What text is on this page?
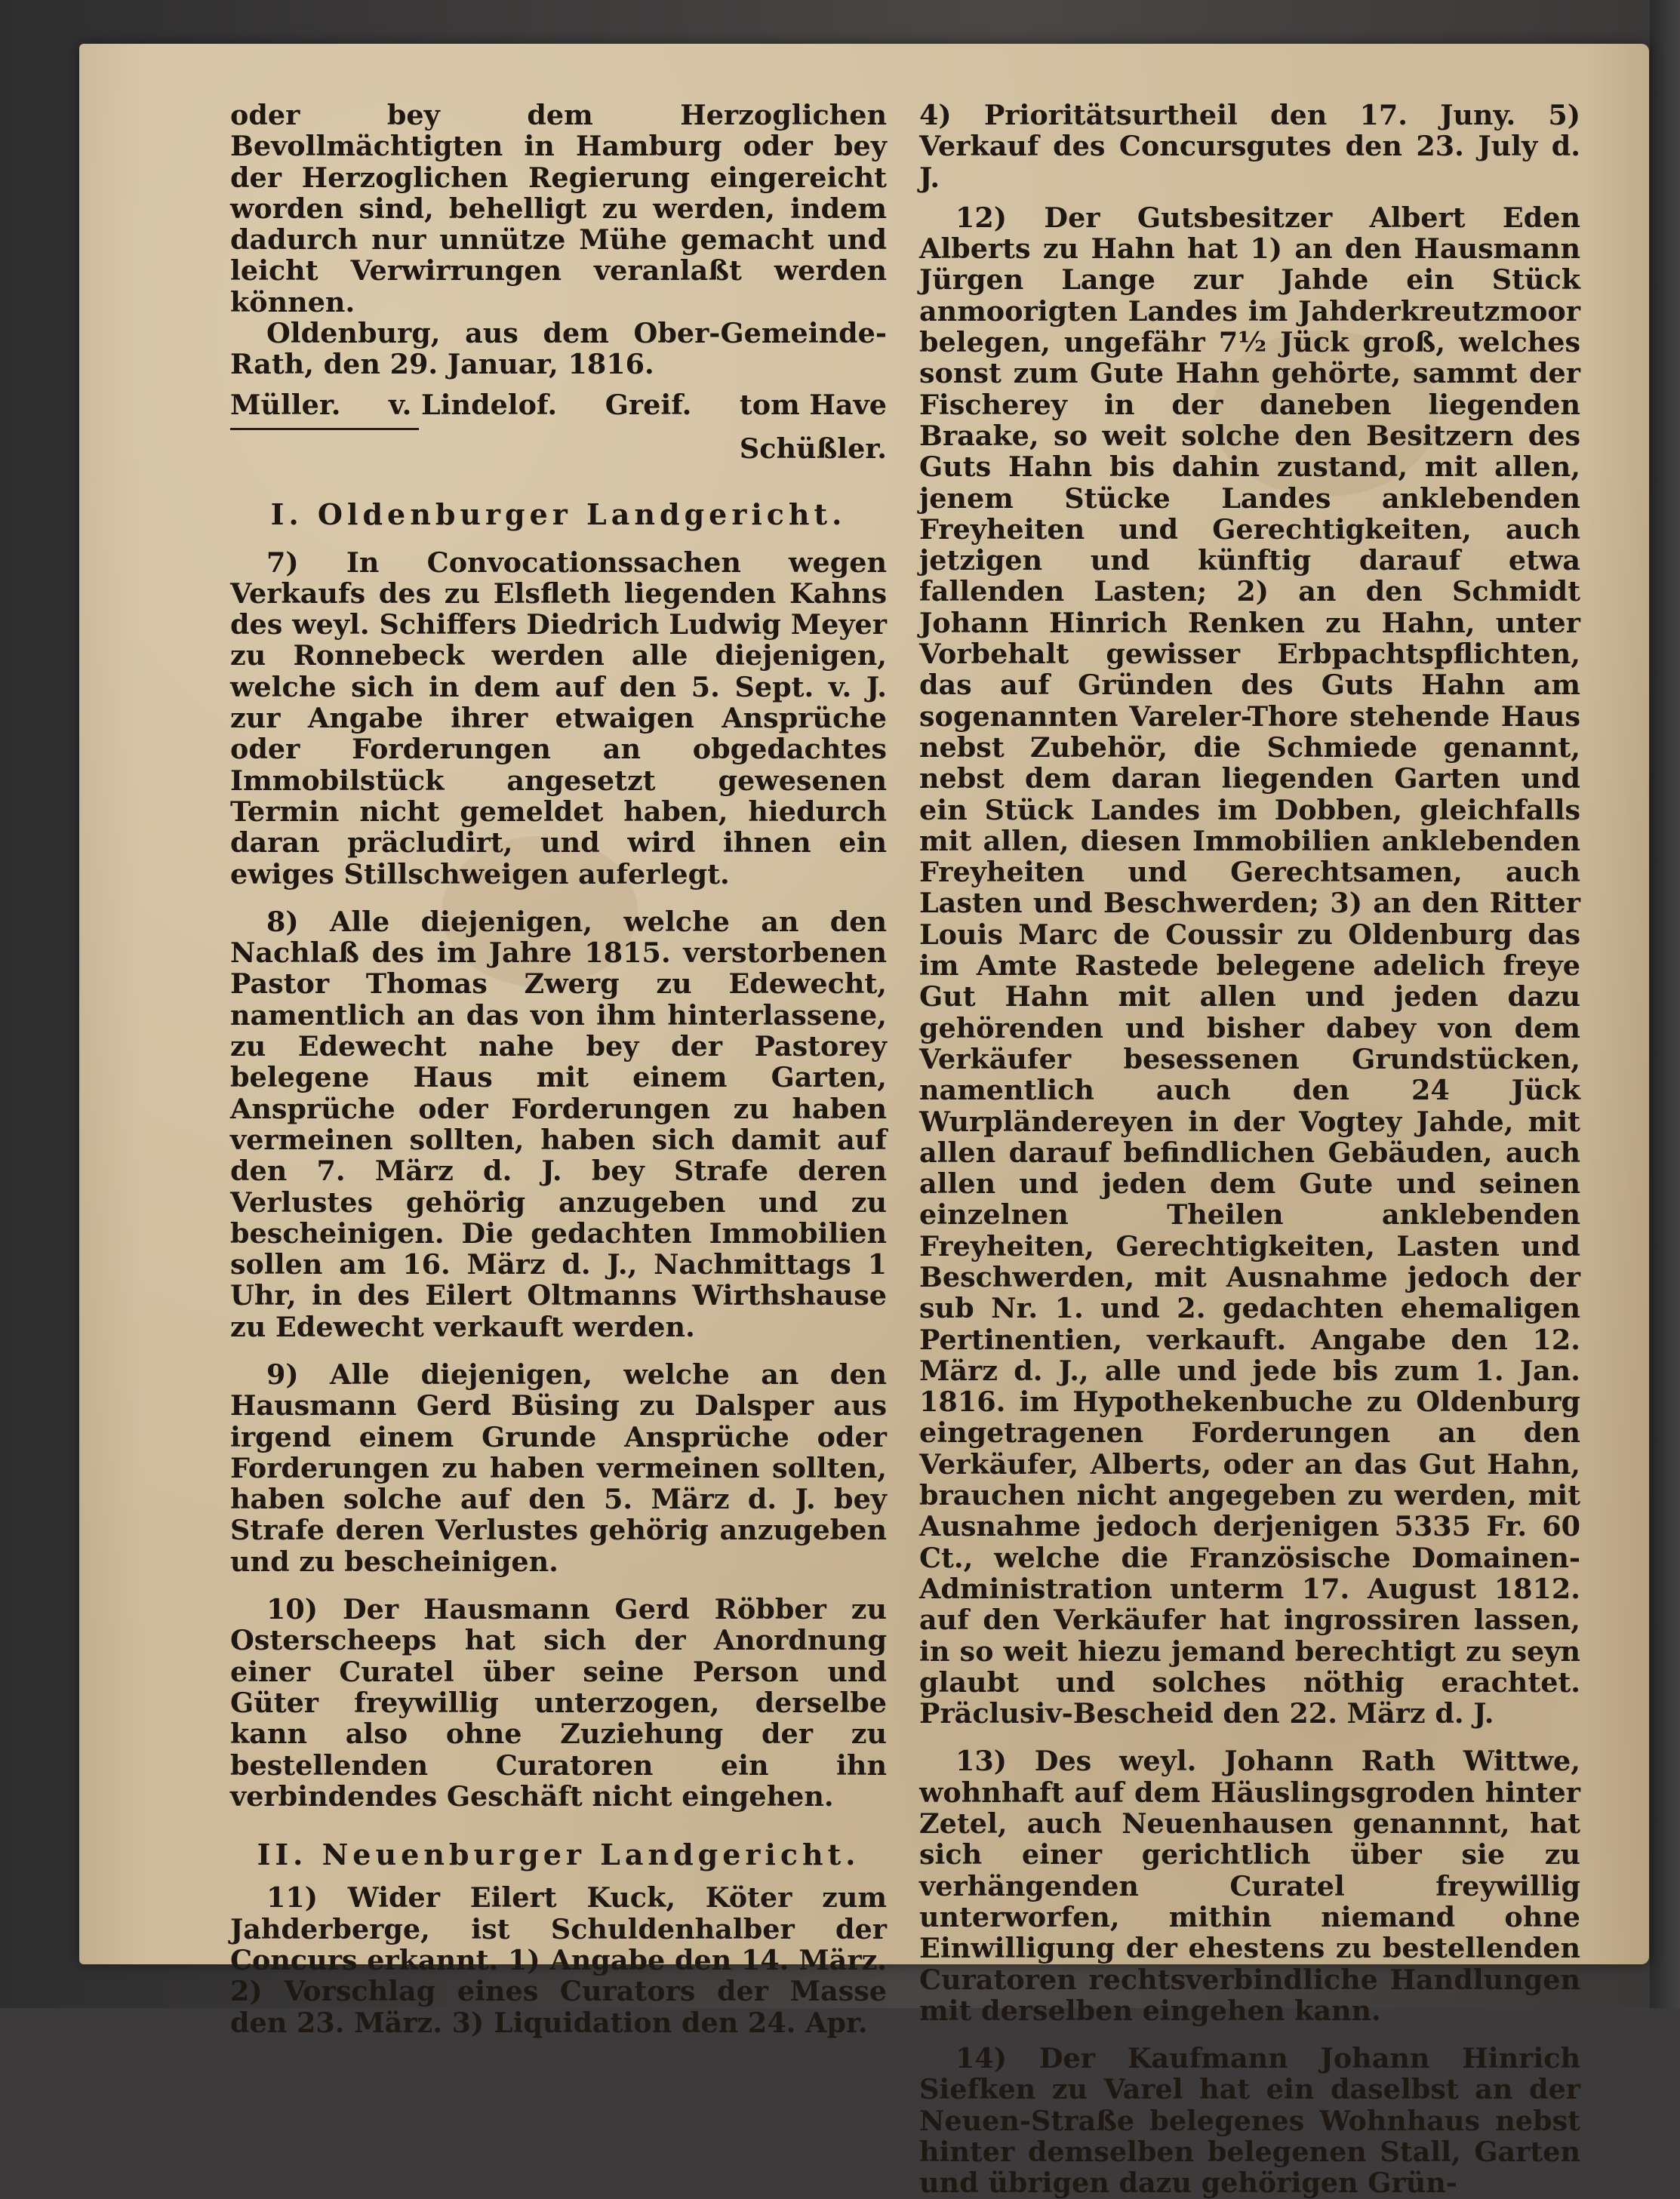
oder bey dem Herzoglichen Bevollmächtigten in Hamburg oder bey der Herzoglichen Regierung eingereicht worden sind, behelligt zu werden, indem dadurch nur unnütze Mühe gemacht und leicht Verwirrungen veranlaßt werden können.

Oldenburg, aus dem Ober-Gemeinde-Rath, den 29. Januar, 1816.

Müller. v. Lindelof. Greif. tom Have

Schüßler.

I. Oldenburger Landgericht.

7) In Convocationssachen wegen Verkaufs des zu Elsfleth liegenden Kahns des weyl. Schiffers Diedrich Ludwig Meyer zu Ronnebeck werden alle diejenigen, welche sich in dem auf den 5. Sept. v. J. zur Angabe ihrer etwaigen Ansprüche oder Forderungen an obgedachtes Immobilstück angesetzt gewesenen Termin nicht gemeldet haben, hiedurch daran präcludirt, und wird ihnen ein ewiges Stillschweigen auferlegt.

8) Alle diejenigen, welche an den Nachlaß des im Jahre 1815. verstorbenen Pastor Thomas Zwerg zu Edewecht, namentlich an das von ihm hinterlassene, zu Edewecht nahe bey der Pastorey belegene Haus mit einem Garten, Ansprüche oder Forderungen zu haben vermeinen sollten, haben sich damit auf den 7. März d. J. bey Strafe deren Verlustes gehörig anzugeben und zu bescheinigen. Die gedachten Immobilien sollen am 16. März d. J., Nachmittags 1 Uhr, in des Eilert Oltmanns Wirthshause zu Edewecht verkauft werden.

9) Alle diejenigen, welche an den Hausmann Gerd Büsing zu Dalsper aus irgend einem Grunde Ansprüche oder Forderungen zu haben vermeinen sollten, haben solche auf den 5. März d. J. bey Strafe deren Verlustes gehörig anzugeben und zu bescheinigen.

10) Der Hausmann Gerd Röbber zu Osterscheeps hat sich der Anordnung einer Curatel über seine Person und Güter freywillig unterzogen, derselbe kann also ohne Zuziehung der zu bestellenden Curatoren ein ihn verbindendes Geschäft nicht eingehen.

II. Neuenburger Landgericht.

11) Wider Eilert Kuck, Köter zum Jahderberge, ist Schuldenhalber der Concurs erkannt. 1) Angabe den 14. März. 2) Vorschlag eines Curators der Masse den 23. März. 3) Liquidation den 24. Apr.

4) Prioritätsurtheil den 17. Juny. 5) Verkauf des Concursgutes den 23. July d. J.

12) Der Gutsbesitzer Albert Eden Alberts zu Hahn hat 1) an den Hausmann Jürgen Lange zur Jahde ein Stück anmoorigten Landes im Jahderkreutzmoor belegen, ungefähr 7½ Jück groß, welches sonst zum Gute Hahn gehörte, sammt der Fischerey in der daneben liegenden Braake, so weit solche den Besitzern des Guts Hahn bis dahin zustand, mit allen, jenem Stücke Landes anklebenden Freyheiten und Gerechtigkeiten, auch jetzigen und künftig darauf etwa fallenden Lasten; 2) an den Schmidt Johann Hinrich Renken zu Hahn, unter Vorbehalt gewisser Erbpachtspflichten, das auf Gründen des Guts Hahn am sogenannten Vareler-Thore stehende Haus nebst Zubehör, die Schmiede genannt, nebst dem daran liegenden Garten und ein Stück Landes im Dobben, gleichfalls mit allen, diesen Immobilien anklebenden Freyheiten und Gerechtsamen, auch Lasten und Beschwerden; 3) an den Ritter Louis Marc de Coussir zu Oldenburg das im Amte Rastede belegene adelich freye Gut Hahn mit allen und jeden dazu gehörenden und bisher dabey von dem Verkäufer besessenen Grundstücken, namentlich auch den 24 Jück Wurpländereyen in der Vogtey Jahde, mit allen darauf befindlichen Gebäuden, auch allen und jeden dem Gute und seinen einzelnen Theilen anklebenden Freyheiten, Gerechtigkeiten, Lasten und Beschwerden, mit Ausnahme jedoch der sub Nr. 1. und 2. gedachten ehemaligen Pertinentien, verkauft. Angabe den 12. März d. J., alle und jede bis zum 1. Jan. 1816. im Hypothekenbuche zu Oldenburg eingetragenen Forderungen an den Verkäufer, Alberts, oder an das Gut Hahn, brauchen nicht angegeben zu werden, mit Ausnahme jedoch derjenigen 5335 Fr. 60 Ct., welche die Französische Domainen-Administration unterm 17. August 1812. auf den Verkäufer hat ingrossiren lassen, in so weit hiezu jemand berechtigt zu seyn glaubt und solches nöthig erachtet. Präclusiv-Bescheid den 22. März d. J.

13) Des weyl. Johann Rath Wittwe, wohnhaft auf dem Häuslingsgroden hinter Zetel, auch Neuenhausen genannnt, hat sich einer gerichtlich über sie zu verhängenden Curatel freywillig unterworfen, mithin niemand ohne Einwilligung der ehestens zu bestellenden Curatoren rechtsverbindliche Handlungen mit derselben eingehen kann.

14) Der Kaufmann Johann Hinrich Siefken zu Varel hat ein daselbst an der Neuen-Straße belegenes Wohnhaus nebst hinter demselben belegenen Stall, Garten und übrigen dazu gehörigen Grün-
